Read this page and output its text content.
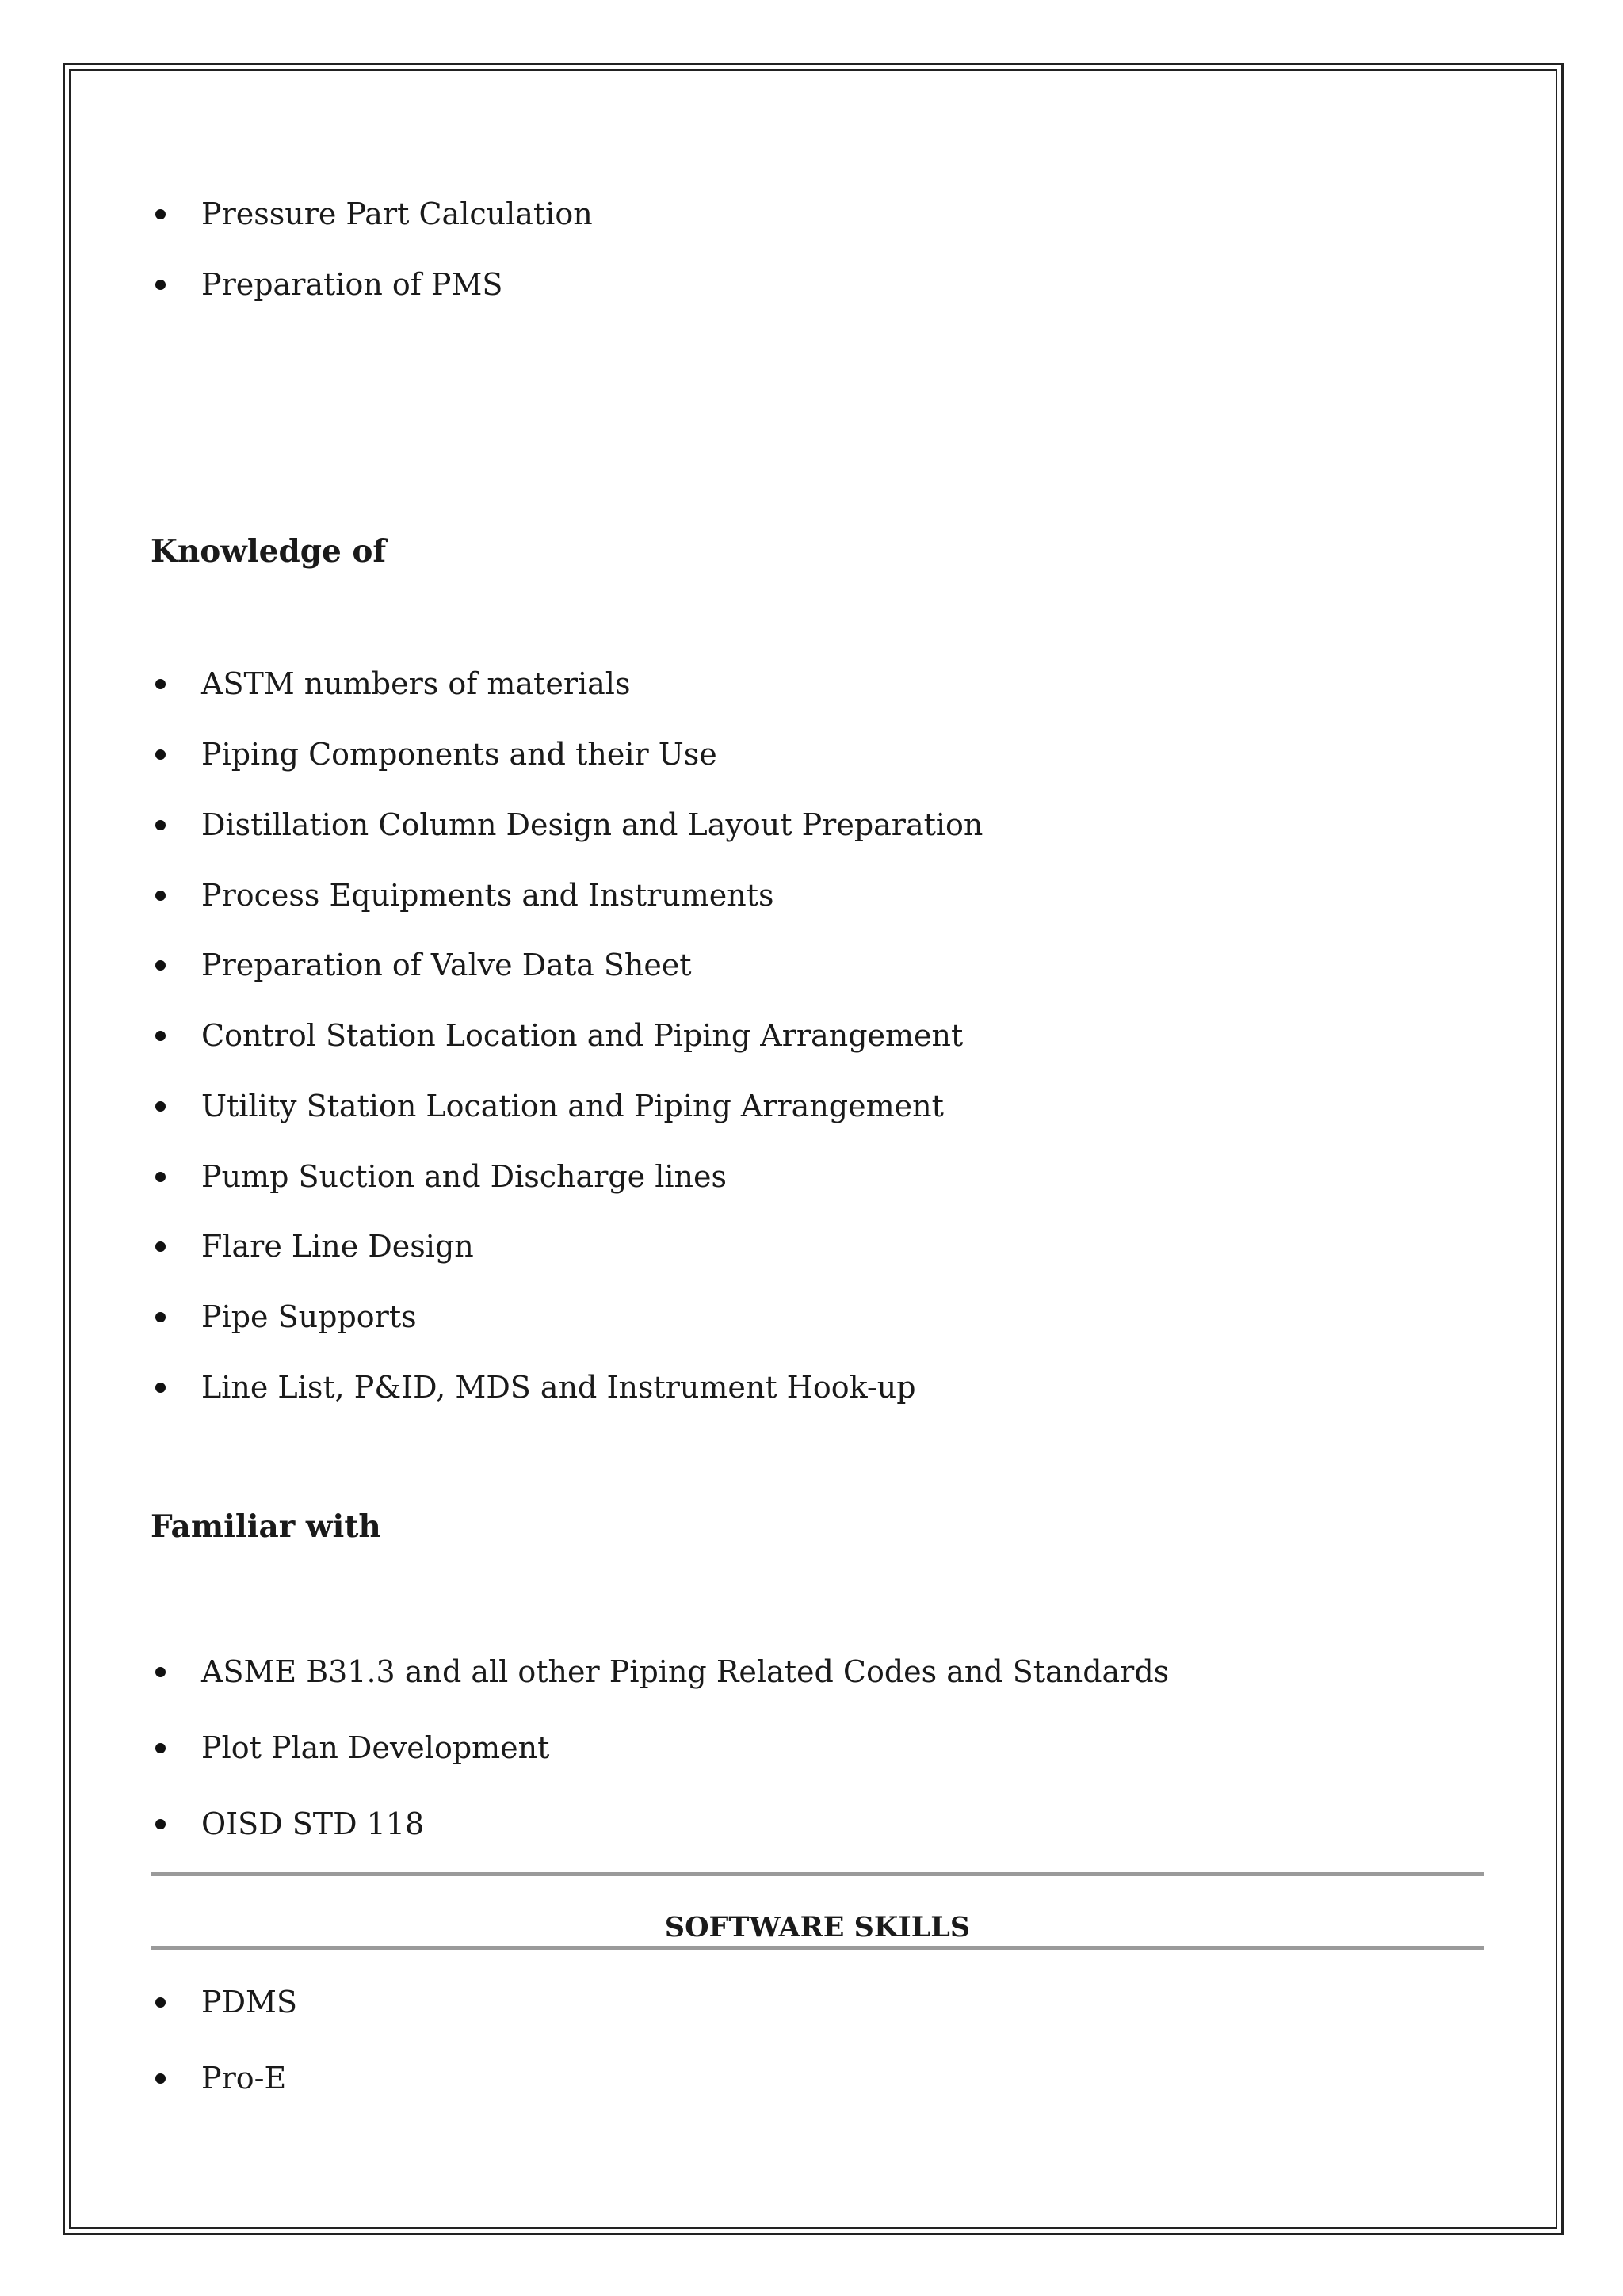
Pressure Part Calculation
Preparation of PMS
Knowledge of
ASTM numbers of materials
Piping Components and their Use
Distillation Column Design and Layout Preparation
Process Equipments and Instruments
Preparation of Valve Data Sheet
Control Station Location and Piping Arrangement
Utility Station Location and Piping Arrangement
Pump Suction and Discharge lines
Flare Line Design
Pipe Supports
Line List, P&ID, MDS and Instrument Hook-up
Familiar with
ASME B31.3 and all other Piping Related Codes and Standards
Plot Plan Development
OISD STD 118
SOFTWARE SKILLS
PDMS
Pro-E
